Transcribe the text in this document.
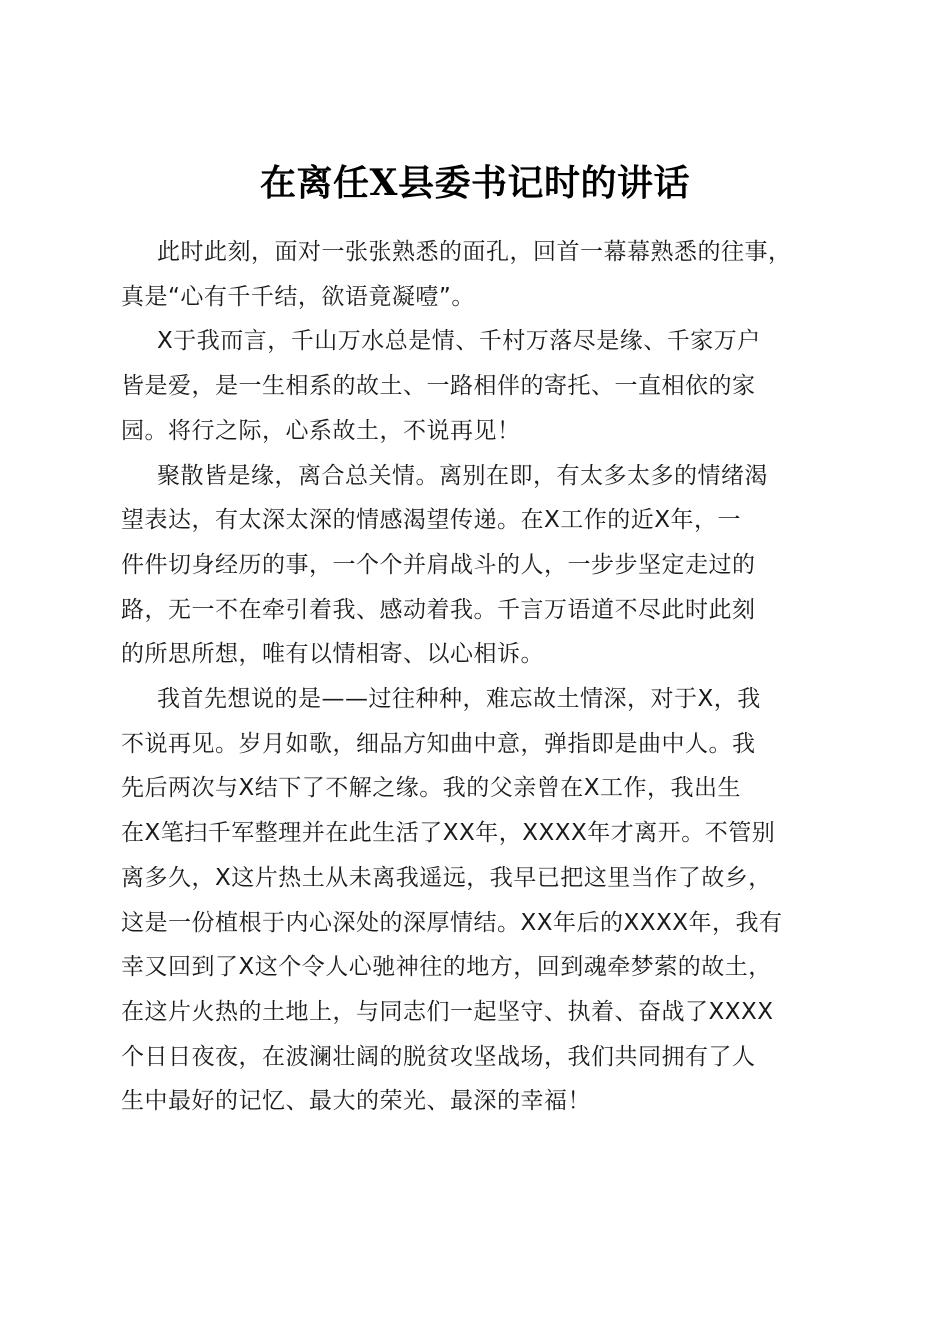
在离任X县委书记时的讲话

此时此刻，面对一张张熟悉的面孔，回首一幕幕熟悉的往事，
真是“心有千千结，欲语竟凝噎”。

X于我而言，千山万水总是情、千村万落尽是缘、千家万户
皆是爱，是一生相系的故土、一路相伴的寄托、一直相依的家
园。将行之际，心系故土，不说再见！

聚散皆是缘，离合总关情。离别在即，有太多太多的情绪渴
望表达，有太深太深的情感渴望传递。在X工作的近X年，一
件件切身经历的事，一个个并肩战斗的人，一步步坚定走过的
路，无一不在牵引着我、感动着我。千言万语道不尽此时此刻
的所思所想，唯有以情相寄、以心相诉。

我首先想说的是——过往种种，难忘故土情深，对于X，我
不说再见。岁月如歌，细品方知曲中意，弹指即是曲中人。我
先后两次与X结下了不解之缘。我的父亲曾在X工作，我出生
在X笔扫千军整理并在此生活了XX年，XXXX年才离开。不管别
离多久，X这片热土从未离我遥远，我早已把这里当作了故乡，
这是一份植根于内心深处的深厚情结。XX年后的XXXX年，我有
幸又回到了X这个令人心驰神往的地方，回到魂牵梦萦的故土，
在这片火热的土地上，与同志们一起坚守、执着、奋战了XXXX
个日日夜夜，在波澜壮阔的脱贫攻坚战场，我们共同拥有了人
生中最好的记忆、最大的荣光、最深的幸福！
